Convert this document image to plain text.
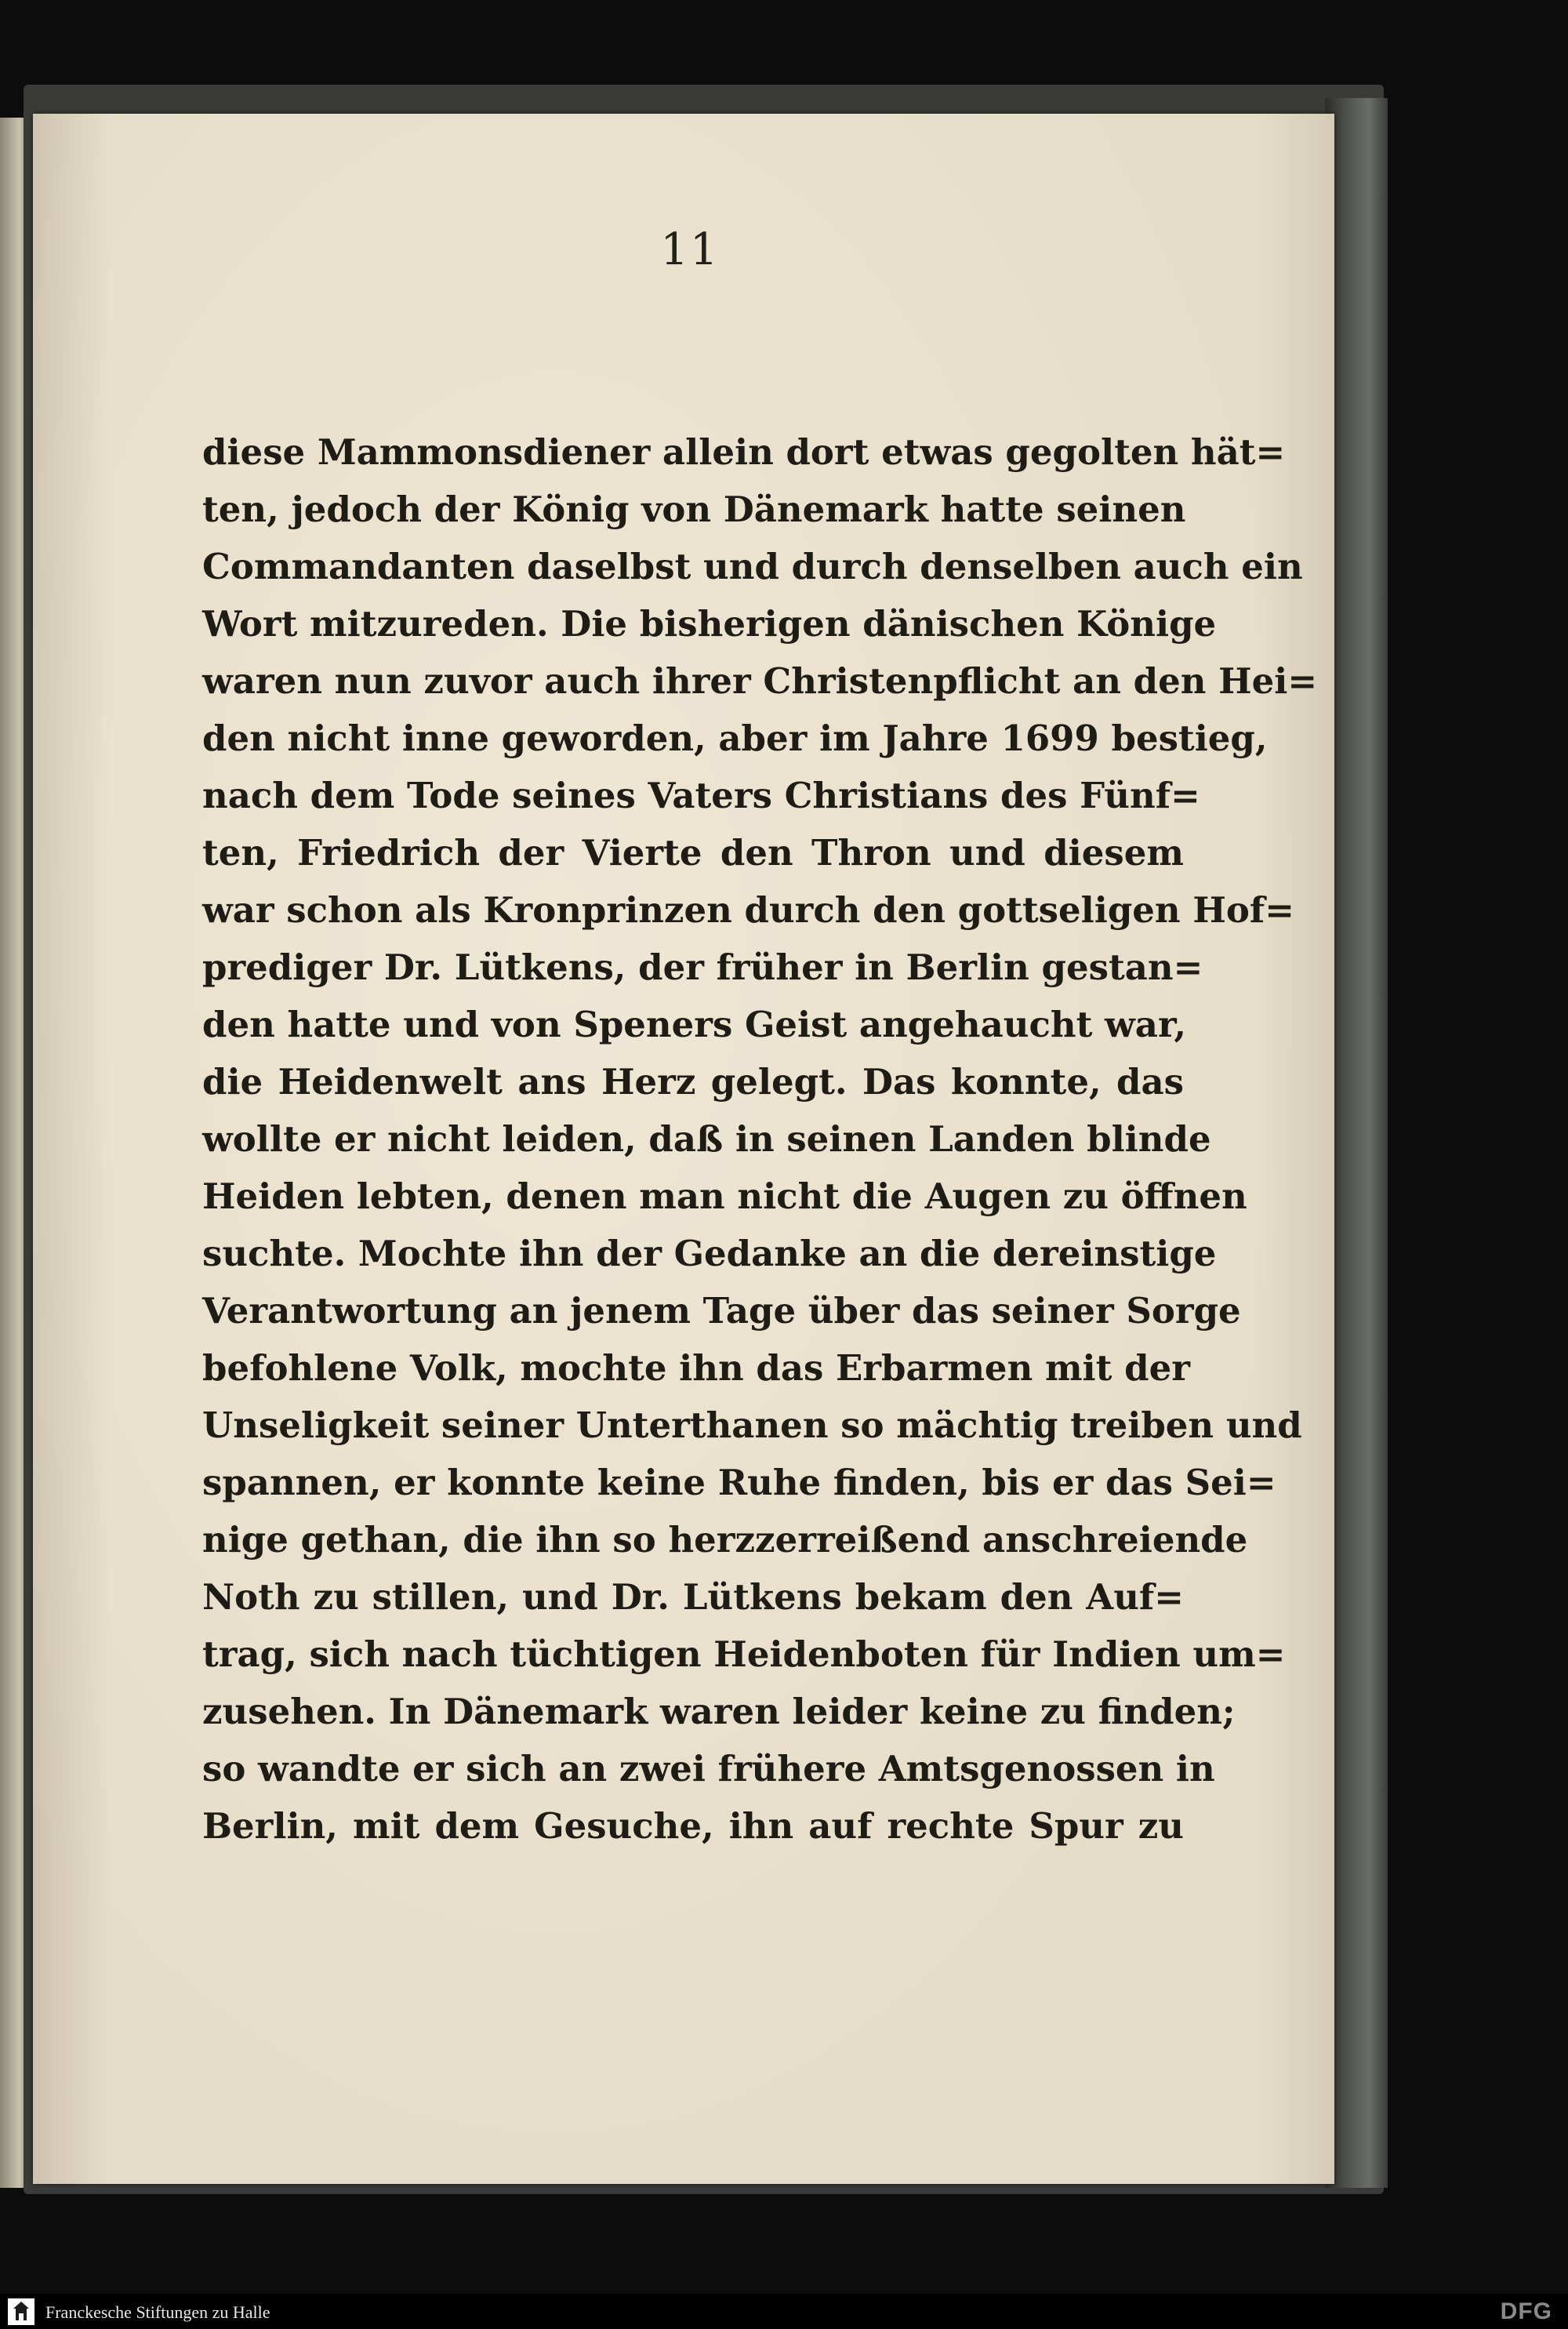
11
diese Mammonsdiener allein dort etwas gegolten hät=
ten, jedoch der König von Dänemark hatte seinen
Commandanten daselbst und durch denselben auch ein
Wort mitzureden. Die bisherigen dänischen Könige
waren nun zuvor auch ihrer Christenpflicht an den Hei=
den nicht inne geworden, aber im Jahre 1699 bestieg,
nach dem Tode seines Vaters Christians des Fünf=
ten, Friedrich der Vierte den Thron und diesem
war schon als Kronprinzen durch den gottseligen Hof=
prediger Dr. Lütkens, der früher in Berlin gestan=
den hatte und von Speners Geist angehaucht war,
die Heidenwelt ans Herz gelegt. Das konnte, das
wollte er nicht leiden, daß in seinen Landen blinde
Heiden lebten, denen man nicht die Augen zu öffnen
suchte. Mochte ihn der Gedanke an die dereinstige
Verantwortung an jenem Tage über das seiner Sorge
befohlene Volk, mochte ihn das Erbarmen mit der
Unseligkeit seiner Unterthanen so mächtig treiben und
spannen, er konnte keine Ruhe finden, bis er das Sei=
nige gethan, die ihn so herzzerreißend anschreiende
Noth zu stillen, und Dr. Lütkens bekam den Auf=
trag, sich nach tüchtigen Heidenboten für Indien um=
zusehen. In Dänemark waren leider keine zu finden;
so wandte er sich an zwei frühere Amtsgenossen in
Berlin, mit dem Gesuche, ihn auf rechte Spur zu
Franckesche Stiftungen zu Halle	DFG
